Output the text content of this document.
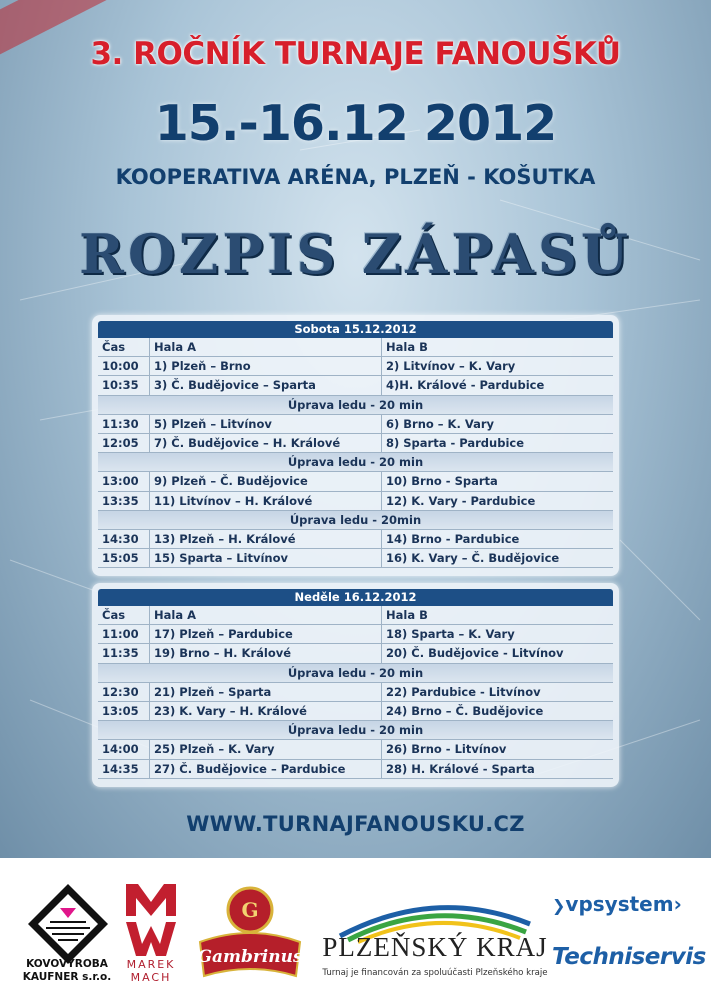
3. ROČNÍK TURNAJE FANOUŠKŮ
15.-16.12 2012
KOOPERATIVA ARÉNA, PLZEŇ - KOŠUTKA
ROZPIS ZÁPASŮ
Sobota 15.12.2012
Čas	Hala A	Hala B
10:00	1) Plzeň – Brno	2) Litvínov – K. Vary
10:35	3) Č. Budějovice – Sparta	4)H. Králové - Pardubice
Úprava ledu - 20 min
11:30	5) Plzeň – Litvínov	6) Brno – K. Vary
12:05	7) Č. Budějovice – H. Králové	8) Sparta - Pardubice
Úprava ledu - 20 min
13:00	9) Plzeň – Č. Budějovice	10) Brno - Sparta
13:35	11) Litvínov – H. Králové	12) K. Vary - Pardubice
Úprava ledu - 20min
14:30	13) Plzeň – H. Králové	14) Brno - Pardubice
15:05	15) Sparta – Litvínov	16) K. Vary – Č. Budějovice
Neděle 16.12.2012
Čas	Hala A	Hala B
11:00	17) Plzeň – Pardubice	18) Sparta – K. Vary
11:35	19) Brno – H. Králové	20) Č. Budějovice - Litvínov
Úprava ledu - 20 min
12:30	21) Plzeň – Sparta	22) Pardubice - Litvínov
13:05	23) K. Vary – H. Králové	24) Brno – Č. Budějovice
Úprava ledu - 20 min
14:00	25) Plzeň – K. Vary	26) Brno - Litvínov
14:35	27) Č. Budějovice – Pardubice	28) H. Králové - Sparta
WWW.TURNAJFANOUSKU.CZ
KOVOVÝROBA
KAUFNER s.r.o.
MAREK
MACH
G
Gambrinus PLZEŇSKÝ KRAJ
Turnaj je financován za spoluúčasti Plzeňského kraje
❯vpsystem›
Techniservis
